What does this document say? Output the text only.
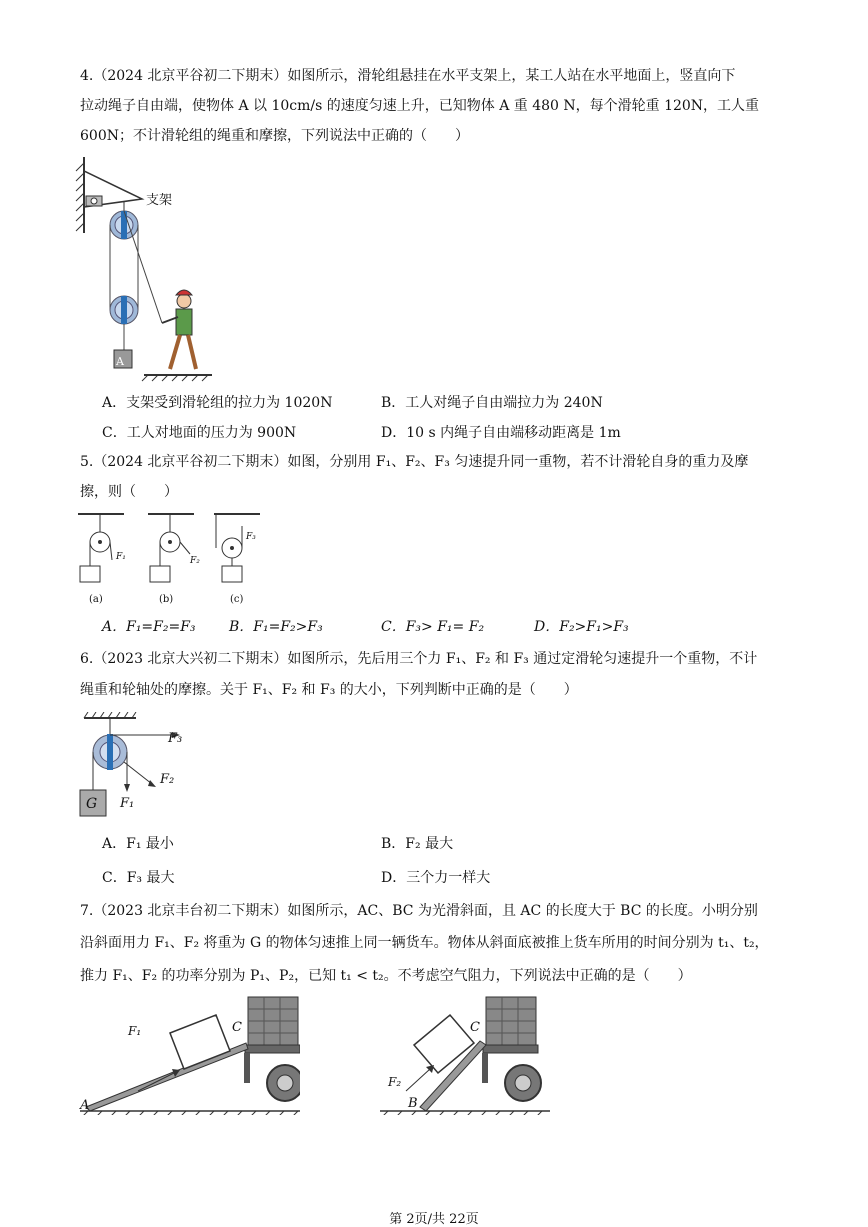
4.（2024 北京平谷初二下期末）如图所示，滑轮组悬挂在水平支架上，某工人站在水平地面上，竖直向下
拉动绳子自由端，使物体 A 以 10cm/s 的速度匀速上升，已知物体 A 重 480 N，每个滑轮重 120N，工人重
600N；不计滑轮组的绳重和摩擦，下列说法中正确的（　　）
支架
A
A．支架受到滑轮组的拉力为 1020N	B．工人对绳子自由端拉力为 240N
C．工人对地面的压力为 900N	D．10 s 内绳子自由端移动距离是 1m
5.（2024 北京平谷初二下期末）如图，分别用 F₁、F₂、F₃ 匀速提升同一重物，若不计滑轮自身的重力及摩
擦，则（　　）
F₁	F₂
F₃
(a)	(b)	(c)
A．F₁=F₂=F₃ B．F₁=F₂>F₃	C．F₃> F₁= F₂	D．F₂>F₁>F₃
6.（2023 北京大兴初二下期末）如图所示，先后用三个力 F₁、F₂ 和 F₃ 通过定滑轮匀速提升一个重物，不计
绳重和轮轴处的摩擦。关于 F₁、F₂ 和 F₃ 的大小，下列判断中正确的是（　　）
G F₁
F₂
F₃
A．F₁ 最小	B．F₂ 最大
C．F₃ 最大	D．三个力一样大
7.（2023 北京丰台初二下期末）如图所示，AC、BC 为光滑斜面，且 AC 的长度大于 BC 的长度。小明分别
沿斜面用力 F₁、F₂ 将重为 G 的物体匀速推上同一辆货车。物体从斜面底被推上货车所用的时间分别为 t₁、t₂，
推力 F₁、F₂ 的功率分别为 P₁、P₂，已知 t₁ < t₂。不考虑空气阻力，下列说法中正确的是（　　）
A
C
F₁
B
C
F₂
第 2页/共 22页
